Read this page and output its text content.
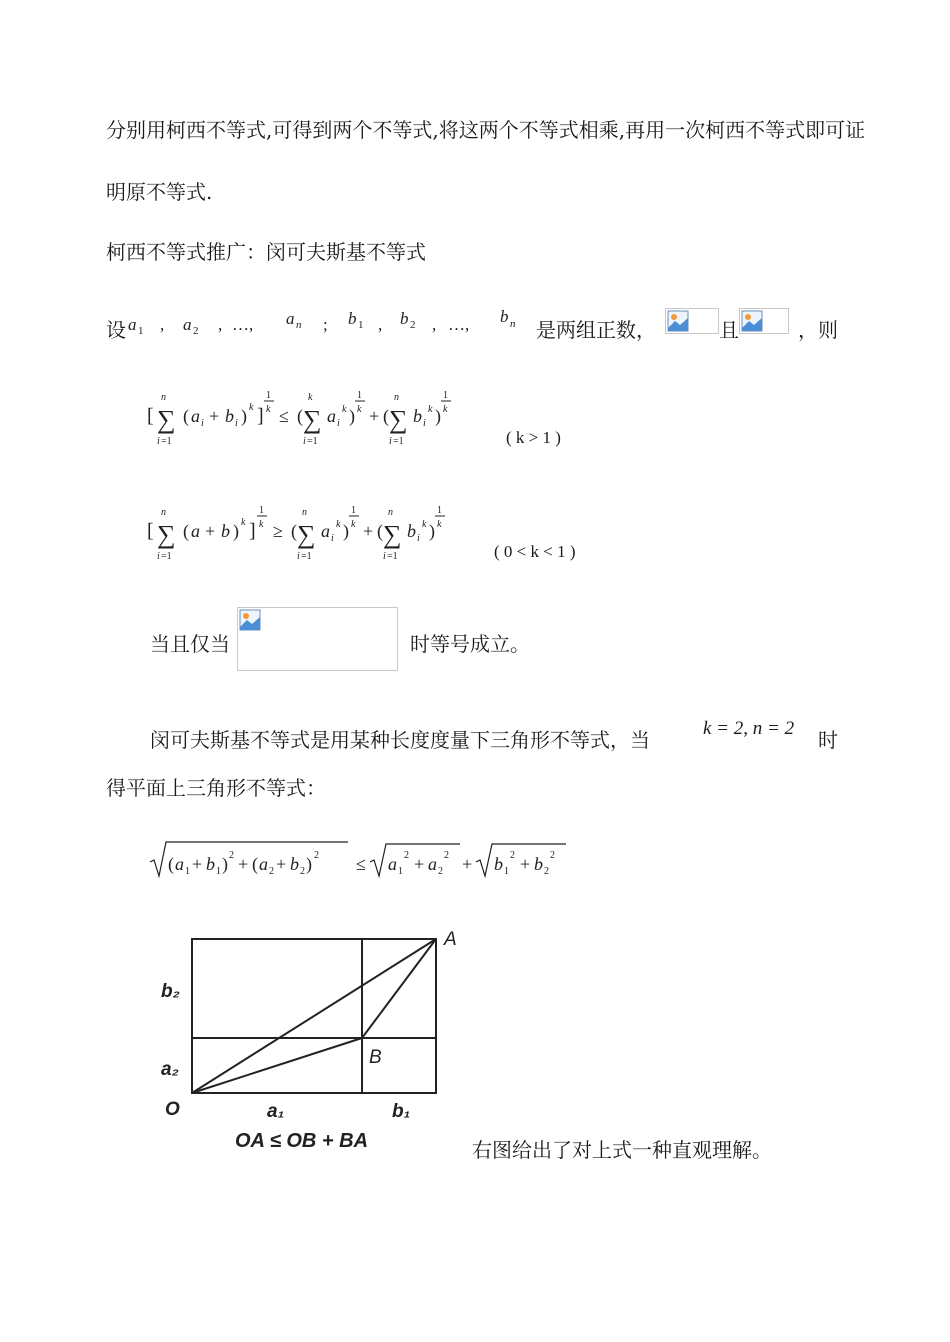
分别用柯西不等式,可得到两个不等式,将这两个不等式相乘,再用一次柯西不等式即可证
明原不等式.
柯西不等式推广：闵可夫斯基不等式
设 a 1 , a 2 , …, a n ; b 1 , b 2 , …, b n 是两组正数，	且	，则
[ ∑
n
i =1
( a i + b i ) k ]
1
k ≤ ( ∑
k
i =1
a i
k )
1
k + ( ∑
n
i =1
b i
k )
1
k
( k > 1 )
[ ∑
n
i =1
( a + b ) k ]
1
k ≥ ( ∑
n
i =1
a i
k )
1
k + ( ∑
n
i =1
b i
k )
1
k
( 0 < k < 1 )
当且仅当	时等号成立。
闵可夫斯基不等式是用某种长度度量下三角形不等式，当	k = 2, n = 2 时
得平面上三角形不等式：
( a 1 + b 1 ) 2 + ( a 2 + b 2 ) 2 ≤ a 1
2 + a 2
2 + b 1
2 + b 2
2
A
B
O	a₁	b₁
a₂
b₂
OA ≤ OB + BA	右图给出了对上式一种直观理解。
